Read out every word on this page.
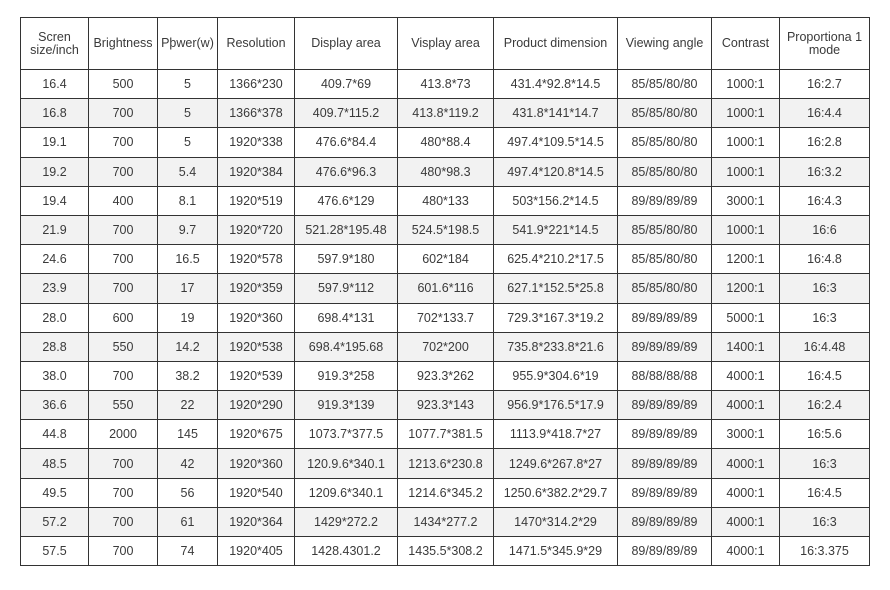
Scren size/inch	Brightness	Pþwer(w)	Resolution	Display area	Visplay area	Product dimension	Viewing angle	Contrast	Proportiona 1 mode
16.4	500	5	1366*230	409.7*69	413.8*73	431.4*92.8*14.5	85/85/80/80	1000:1	16:2.7
16.8	700	5	1366*378	409.7*115.2	413.8*119.2	431.8*141*14.7	85/85/80/80	1000:1	16:4.4
19.1	700	5	1920*338	476.6*84.4	480*88.4	497.4*109.5*14.5	85/85/80/80	1000:1	16:2.8
19.2	700	5.4	1920*384	476.6*96.3	480*98.3	497.4*120.8*14.5	85/85/80/80	1000:1	16:3.2
19.4	400	8.1	1920*519	476.6*129	480*133	503*156.2*14.5	89/89/89/89	3000:1	16:4.3
21.9	700	9.7	1920*720	521.28*195.48	524.5*198.5	541.9*221*14.5	85/85/80/80	1000:1	16:6
24.6	700	16.5	1920*578	597.9*180	602*184	625.4*210.2*17.5	85/85/80/80	1200:1	16:4.8
23.9	700	17	1920*359	597.9*112	601.6*116	627.1*152.5*25.8	85/85/80/80	1200:1	16:3
28.0	600	19	1920*360	698.4*131	702*133.7	729.3*167.3*19.2	89/89/89/89	5000:1	16:3
28.8	550	14.2	1920*538	698.4*195.68	702*200	735.8*233.8*21.6	89/89/89/89	1400:1	16:4.48
38.0	700	38.2	1920*539	919.3*258	923.3*262	955.9*304.6*19	88/88/88/88	4000:1	16:4.5
36.6	550	22	1920*290	919.3*139	923.3*143	956.9*176.5*17.9	89/89/89/89	4000:1	16:2.4
44.8	2000	145	1920*675	1073.7*377.5	1077.7*381.5	1113.9*418.7*27	89/89/89/89	3000:1	16:5.6
48.5	700	42	1920*360	120.9.6*340.1	1213.6*230.8	1249.6*267.8*27	89/89/89/89	4000:1	16:3
49.5	700	56	1920*540	1209.6*340.1	1214.6*345.2	1250.6*382.2*29.7	89/89/89/89	4000:1	16:4.5
57.2	700	61	1920*364	1429*272.2	1434*277.2	1470*314.2*29	89/89/89/89	4000:1	16:3
57.5	700	74	1920*405	1428.4301.2	1435.5*308.2	1471.5*345.9*29	89/89/89/89	4000:1	16:3.375
